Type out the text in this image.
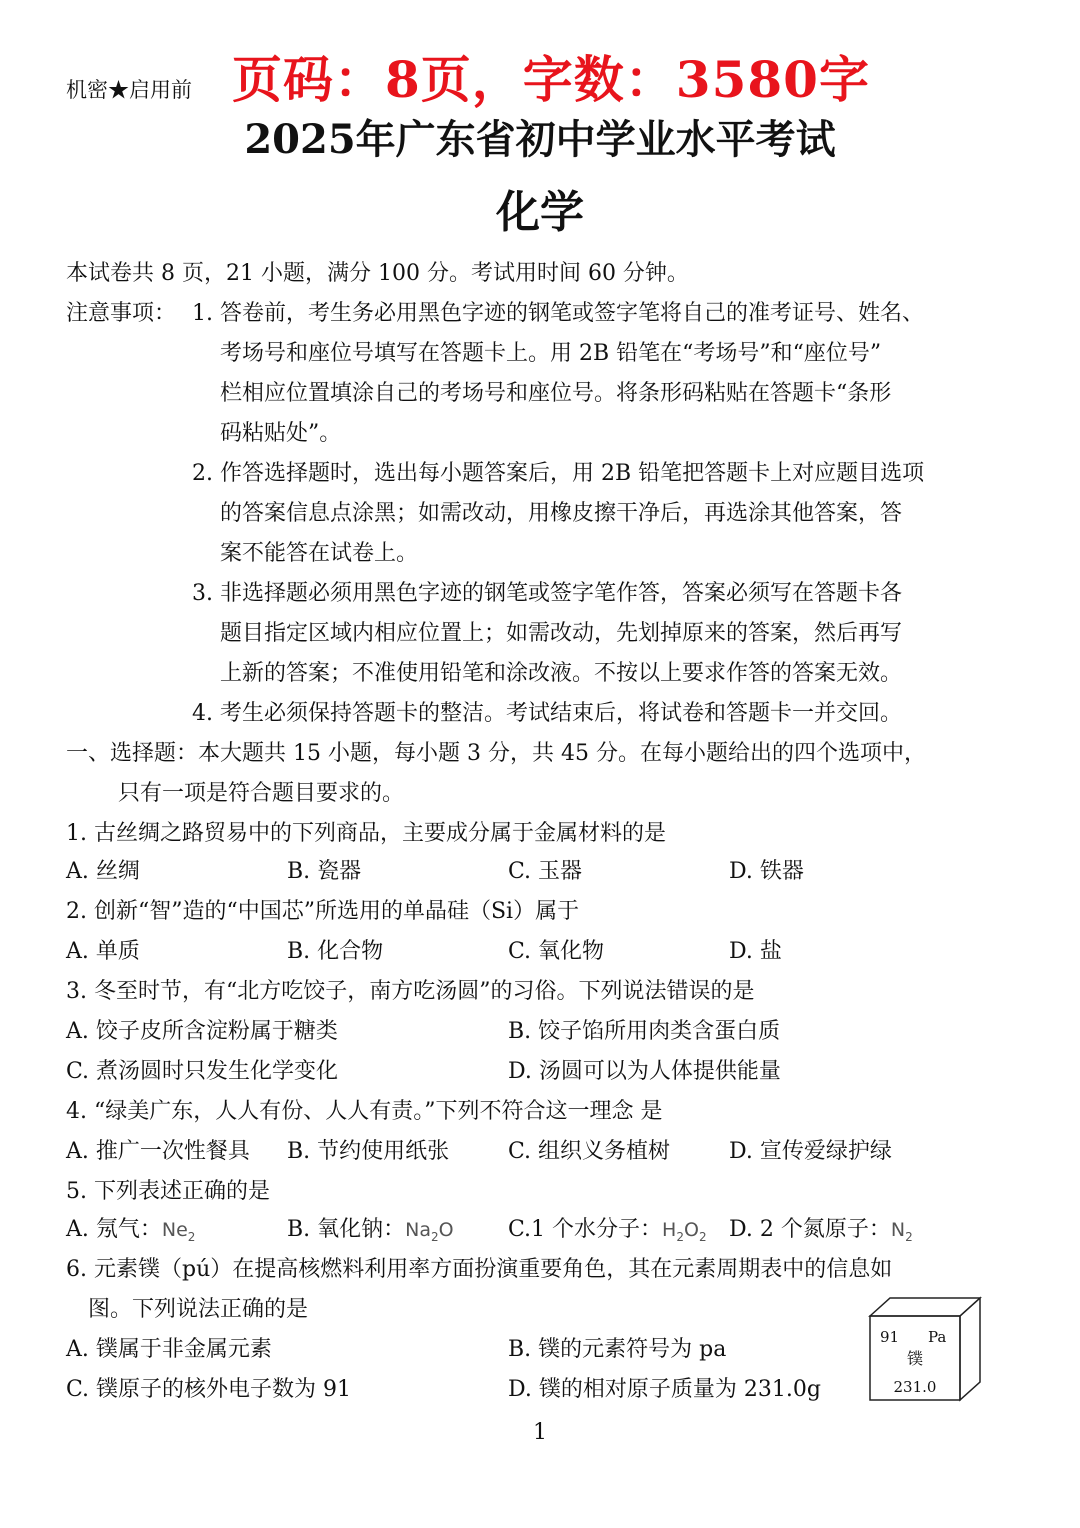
机密★启用前 页码：8页，字数：3580字
2025年广东省初中学业水平考试
化学
本试卷共 8 页，21 小题，满分 100 分。考试用时间 60 分钟。
注意事项： 1. 答卷前，考生务必用黑色字迹的钢笔或签字笔将自己的准考证号、姓名、
考场号和座位号填写在答题卡上。用 2B 铅笔在“考场号”和“座位号”
栏相应位置填涂自己的考场号和座位号。将条形码粘贴在答题卡“条形
码粘贴处”。
2. 作答选择题时，选出每小题答案后，用 2B 铅笔把答题卡上对应题目选项
的答案信息点涂黑；如需改动，用橡皮擦干净后，再选涂其他答案，答
案不能答在试卷上。
3. 非选择题必须用黑色字迹的钢笔或签字笔作答，答案必须写在答题卡各
题目指定区域内相应位置上；如需改动，先划掉原来的答案，然后再写
上新的答案；不准使用铅笔和涂改液。不按以上要求作答的答案无效。
4. 考生必须保持答题卡的整洁。考试结束后，将试卷和答题卡一并交回。
一、选择题：本大题共 15 小题，每小题 3 分，共 45 分。在每小题给出的四个选项中，
只有一项是符合题目要求的。
1. 古丝绸之路贸易中的下列商品，主要成分属于金属材料的是
A. 丝绸	B. 瓷器	C. 玉器	D. 铁器
2. 创新“智”造的“中国芯”所选用的单晶硅（Si）属于
A. 单质	B. 化合物	C. 氧化物	D. 盐
3. 冬至时节，有“北方吃饺子，南方吃汤圆”的习俗。下列说法错误的是
A. 饺子皮所含淀粉属于糖类	B. 饺子馅所用肉类含蛋白质
C. 煮汤圆时只发生化学变化	D. 汤圆可以为人体提供能量
4. “绿美广东，人人有份、人人有责。”下列不符合这一理念 是
A. 推广一次性餐具 B. 节约使用纸张	C. 组织义务植树	D. 宣传爱绿护绿
5. 下列表述正确的是
A. 氖气：$Ne_2$	B. 氧化钠：$Na_2O$ C.1 个水分子：$H_2O_2$ D. 2 个氮原子：$N_2$
6. 元素镤（pú）在提高核燃料利用率方面扮演重要角色，其在元素周期表中的信息如
图。下列说法正确的是
A. 镤属于非金属元素	B. 镤的元素符号为 pa
C. 镤原子的核外电子数为 91	D. 镤的相对原子质量为 231.0g
91 Pa
镤
231.0
1
